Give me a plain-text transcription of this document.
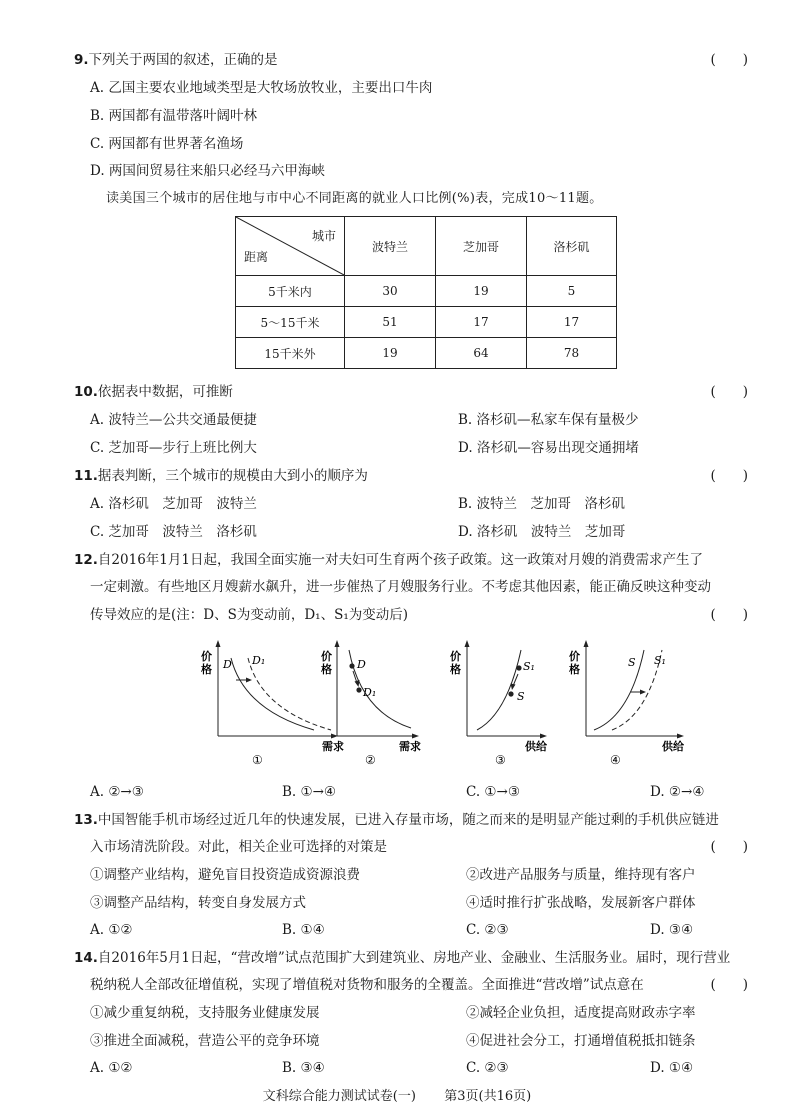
9.下列关于两国的叙述，正确的是	(　　)
A. 乙国主要农业地域类型是大牧场放牧业，主要出口牛肉
B. 两国都有温带落叶阔叶林
C. 两国都有世界著名渔场
D. 两国间贸易往来船只必经马六甲海峡
读美国三个城市的居住地与市中心不同距离的就业人口比例(%)表，完成10～11题。
城市
距离	波特兰	芝加哥	洛杉矶
5千米内	30	19	5
5～15千米	51	17	17
15千米外	19	64	78
10.依据表中数据，可推断	(　　)
A. 波特兰—公共交通最便捷	B. 洛杉矶—私家车保有量极少
C. 芝加哥—步行上班比例大	D. 洛杉矶—容易出现交通拥堵
11.据表判断，三个城市的规模由大到小的顺序为	(　　)
A. 洛杉矶　芝加哥　波特兰	B. 波特兰　芝加哥　洛杉矶
C. 芝加哥　波特兰　洛杉矶	D. 洛杉矶　波特兰　芝加哥
12.自2016年1月1日起，我国全面实施一对夫妇可生育两个孩子政策。这一政策对月嫂的消费需求产生了
一定刺激。有些地区月嫂薪水飙升，进一步催热了月嫂服务行业。不考虑其他因素，能正确反映这种变动
传导效应的是(注：D、S为变动前，D₁、S₁为变动后)	(　　)
价
格 D D₁
需求
①
价
格 D
D₁
需求
②
价
格	S₁
S
供给
③
价
格
S S₁
供给
④
A. ②→③	B. ①→④	C. ①→③	D. ②→④
13.中国智能手机市场经过近几年的快速发展，已进入存量市场，随之而来的是明显产能过剩的手机供应链进
入市场清洗阶段。对此，相关企业可选择的对策是	(　　)
①调整产业结构，避免盲目投资造成资源浪费	②改进产品服务与质量，维持现有客户
③调整产品结构，转变自身发展方式	④适时推行扩张战略，发展新客户群体
A. ①②	B. ①④	C. ②③	D. ③④
14.自2016年5月1日起，“营改增”试点范围扩大到建筑业、房地产业、金融业、生活服务业。届时，现行营业
税纳税人全部改征增值税，实现了增值税对货物和服务的全覆盖。全面推进“营改增”试点意在	(　　)
①减少重复纳税，支持服务业健康发展	②减轻企业负担，适度提高财政赤字率
③推进全面减税，营造公平的竞争环境	④促进社会分工，打通增值税抵扣链条
A. ①②	B. ③④	C. ②③	D. ①④
文科综合能力测试试卷(一) 第3页(共16页)
